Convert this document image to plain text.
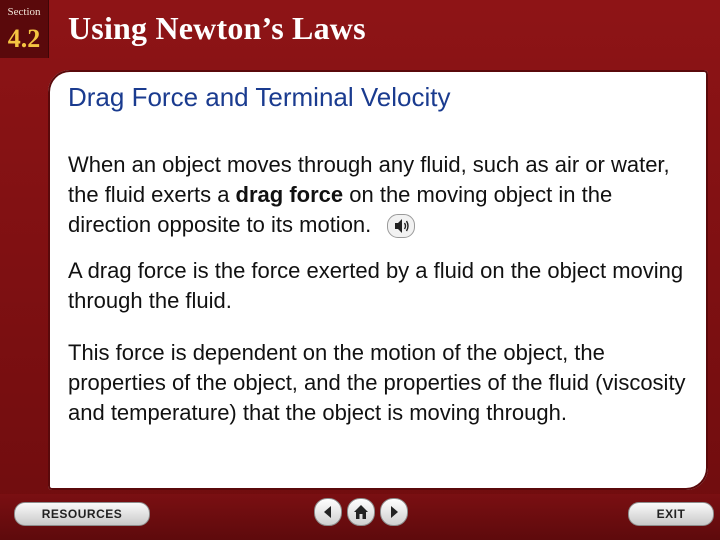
Section
4.2 Using Newton’s Laws
Drag Force and Terminal Velocity
When an object moves through any fluid, such as air or water, the fluid exerts a drag force on the moving object in the direction opposite to its motion.
A drag force is the force exerted by a fluid on the object moving through the fluid.
This force is dependent on the motion of the object, the properties of the object, and the properties of the fluid (viscosity and temperature) that the object is moving through.
RESOURCES	EXIT
